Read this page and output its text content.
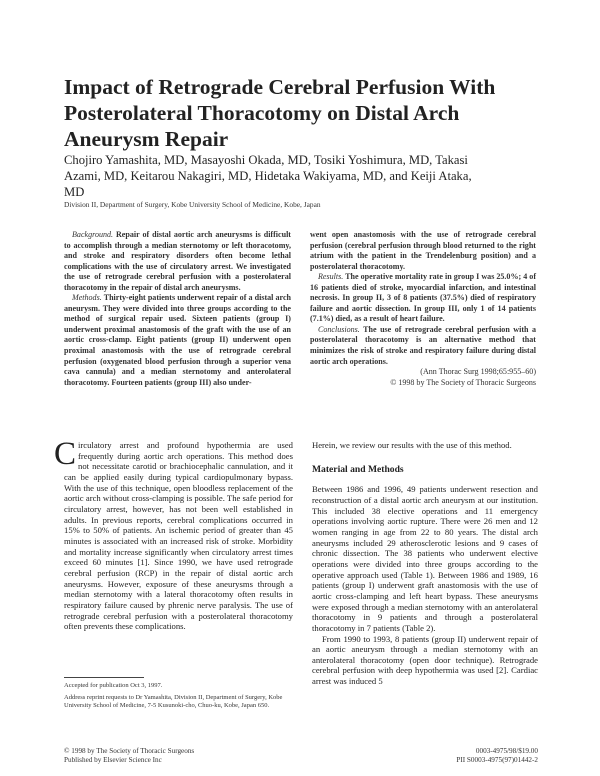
Impact of Retrograde Cerebral Perfusion With Posterolateral Thoracotomy on Distal Arch Aneurysm Repair

Chojiro Yamashita, MD, Masayoshi Okada, MD, Tosiki Yoshimura, MD, Takasi Azami, MD, Keitarou Nakagiri, MD, Hidetaka Wakiyama, MD, and Keiji Ataka, MD

Division II, Department of Surgery, Kobe University School of Medicine, Kobe, Japan

Background. Repair of distal aortic arch aneurysms is difficult to accomplish through a median sternotomy or left thoracotomy, and stroke and respiratory disorders often become lethal complications with the use of circulatory arrest. We investigated the use of retrograde cerebral perfusion with a posterolateral thoracotomy in the repair of distal arch aneurysms.

Methods. Thirty-eight patients underwent repair of a distal arch aneurysm. They were divided into three groups according to the method of surgical repair used. Sixteen patients (group I) underwent proximal anastomosis of the graft with the use of an aortic cross-clamp. Eight patients (group II) underwent open proximal anastomosis with the use of retrograde cerebral perfusion (oxygenated blood perfusion through a superior vena cava cannula) and a median sternotomy and anterolateral thoracotomy. Fourteen patients (group III) also under-

went open anastomosis with the use of retrograde cerebral perfusion (cerebral perfusion through blood returned to the right atrium with the patient in the Trendelenburg position) and a posterolateral thoracotomy.

Results. The operative mortality rate in group I was 25.0%; 4 of 16 patients died of stroke, myocardial infarction, and intestinal necrosis. In group II, 3 of 8 patients (37.5%) died of respiratory failure and aortic dissection. In group III, only 1 of 14 patients (7.1%) died, as a result of heart failure.

Conclusions. The use of retrograde cerebral perfusion with a posterolateral thoracotomy is an alternative method that minimizes the risk of stroke and respiratory failure during distal aortic arch operations.

(Ann Thorac Surg 1998;65:955–60)

© 1998 by The Society of Thoracic Surgeons

Circulatory arrest and profound hypothermia are used frequently during aortic arch operations. This method does not necessitate carotid or brachiocephalic cannulation, and it can be applied easily during typical cardiopulmonary bypass. With the use of this technique, open bloodless replacement of the aortic arch without cross-clamping is possible. The safe period for circulatory arrest, however, has not been well established in adults. In previous reports, cerebral complications occurred in 15% to 50% of patients. An ischemic period of greater than 45 minutes is associated with an increased risk of stroke. Morbidity and mortality increase significantly when circulatory arrest times exceed 60 minutes [1]. Since 1990, we have used retrograde cerebral perfusion (RCP) in the repair of distal aortic arch aneurysms. However, exposure of these aneurysms through a median sternotomy with a lateral thoracotomy often results in respiratory failure caused by phrenic nerve paralysis. The use of retrograde cerebral perfusion with a posterolateral thoracotomy often prevents these complications.

Herein, we review our results with the use of this method.

Material and Methods

Between 1986 and 1996, 49 patients underwent resection and reconstruction of a distal aortic arch aneurysm at our institution. This included 38 elective operations and 11 emergency operations involving aortic rupture. There were 26 men and 12 women ranging in age from 22 to 80 years. The distal arch aneurysms included 29 atherosclerotic lesions and 9 cases of chronic dissection. The 38 patients who underwent elective operations were divided into three groups according to the operative approach used (Table 1). Between 1986 and 1989, 16 patients (group I) underwent graft anastomosis with the use of aortic cross-clamping and left heart bypass. These aneurysms were exposed through a median sternotomy with an anterolateral thoracotomy in 9 patients and through a posterolateral thoracotomy in 7 patients (Table 2).

From 1990 to 1993, 8 patients (group II) underwent repair of an aortic aneurysm through a median sternotomy with an anterolateral thoracotomy (open door technique). Retrograde cerebral perfusion with deep hypothermia was used [2]. Cardiac arrest was induced 5

Accepted for publication Oct 3, 1997.

Address reprint requests to Dr Yamashita, Division II, Department of Surgery, Kobe University School of Medicine, 7-5 Kusunoki-cho, Chuo-ku, Kobe, Japan 650.

© 1998 by The Society of Thoracic Surgeons
Published by Elsevier Science Inc
0003-4975/98/$19.00
PII S0003-4975(97)01442-2
